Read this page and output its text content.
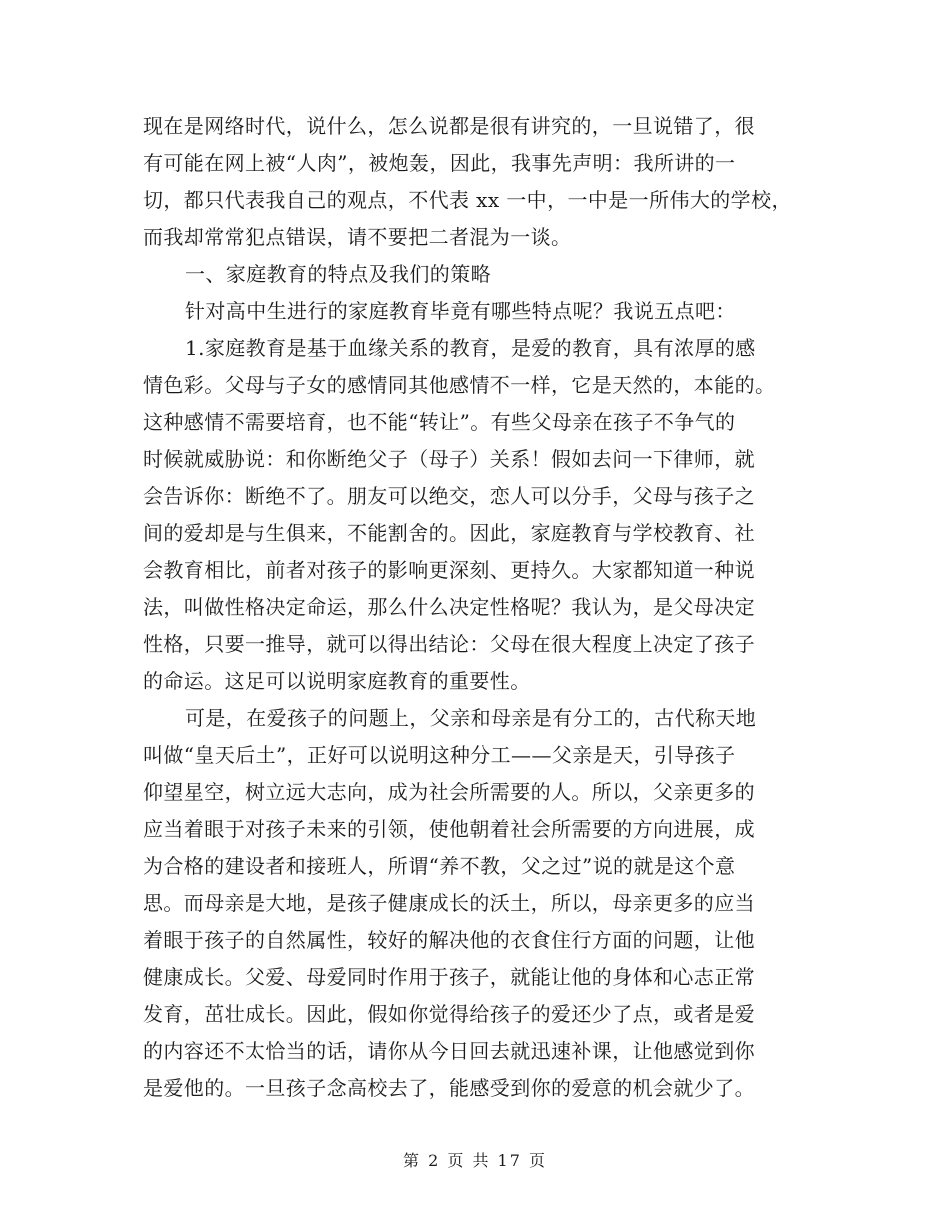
现在是网络时代，说什么，怎么说都是很有讲究的，一旦说错了，很
有可能在网上被“人肉”，被炮轰，因此，我事先声明：我所讲的一
切，都只代表我自己的观点，不代表 xx 一中，一中是一所伟大的学校，
而我却常常犯点错误，请不要把二者混为一谈。
一、家庭教育的特点及我们的策略
针对高中生进行的家庭教育毕竟有哪些特点呢？我说五点吧：
1.家庭教育是基于血缘关系的教育，是爱的教育，具有浓厚的感
情色彩。父母与子女的感情同其他感情不一样，它是天然的，本能的。
这种感情不需要培育，也不能“转让”。有些父母亲在孩子不争气的
时候就威胁说：和你断绝父子（母子）关系！假如去问一下律师，就
会告诉你：断绝不了。朋友可以绝交，恋人可以分手，父母与孩子之
间的爱却是与生俱来，不能割舍的。因此，家庭教育与学校教育、社
会教育相比，前者对孩子的影响更深刻、更持久。大家都知道一种说
法，叫做性格决定命运，那么什么决定性格呢？我认为，是父母决定
性格，只要一推导，就可以得出结论：父母在很大程度上决定了孩子
的命运。这足可以说明家庭教育的重要性。
可是，在爱孩子的问题上，父亲和母亲是有分工的，古代称天地
叫做“皇天后土”，正好可以说明这种分工——父亲是天，引导孩子
仰望星空，树立远大志向，成为社会所需要的人。所以，父亲更多的
应当着眼于对孩子未来的引领，使他朝着社会所需要的方向进展，成
为合格的建设者和接班人，所谓“养不教，父之过”说的就是这个意
思。而母亲是大地，是孩子健康成长的沃土，所以，母亲更多的应当
着眼于孩子的自然属性，较好的解决他的衣食住行方面的问题，让他
健康成长。父爱、母爱同时作用于孩子，就能让他的身体和心志正常
发育，茁壮成长。因此，假如你觉得给孩子的爱还少了点，或者是爱
的内容还不太恰当的话，请你从今日回去就迅速补课，让他感觉到你
是爱他的。一旦孩子念高校去了，能感受到你的爱意的机会就少了。
第 2 页 共 17 页
